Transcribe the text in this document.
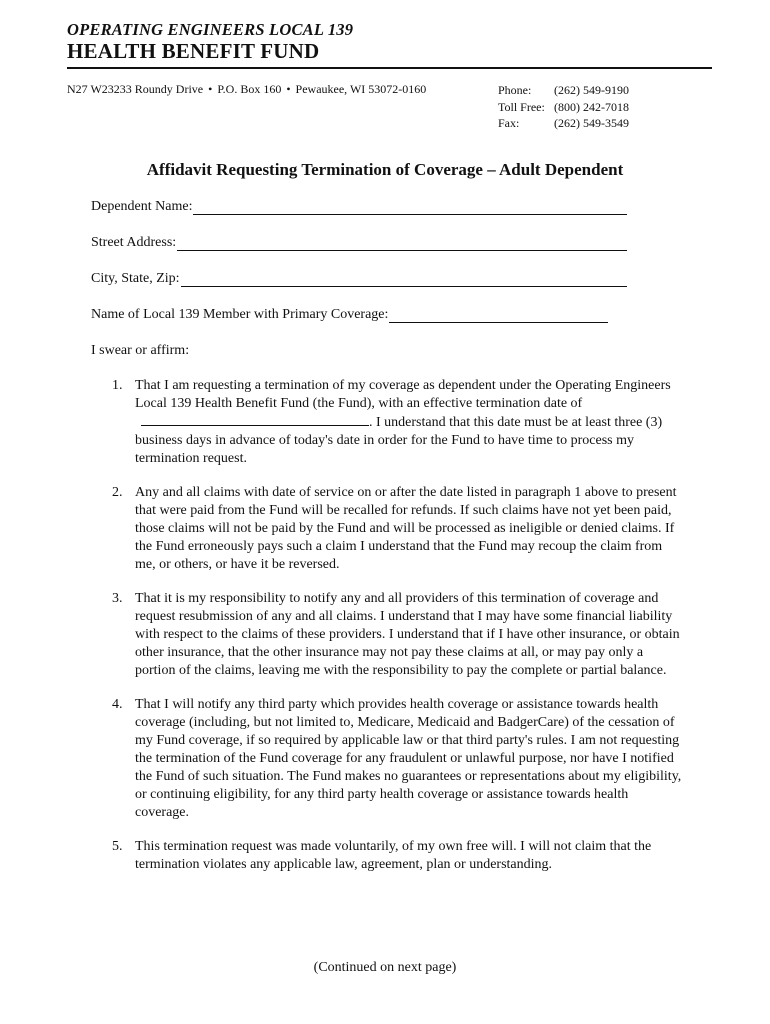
OPERATING ENGINEERS LOCAL 139
HEALTH BENEFIT FUND
N27 W23233 Roundy Drive • P.O. Box 160 • Pewaukee, WI 53072-0160	Phone:	(262) 549-9190
Toll Free: (800) 242-7018
Fax:	(262) 549-3549
Affidavit Requesting Termination of Coverage – Adult Dependent
Dependent Name:
Street Address:
City, State, Zip:
Name of Local 139 Member with Primary Coverage:
I swear or affirm:
1. That I am requesting a termination of my coverage as dependent under the Operating Engineers Local 139 Health Benefit Fund (the Fund), with an effective termination date of. I understand that this date must be at least three (3) business days in advance of today's date in order for the Fund to have time to process my termination request.
2. Any and all claims with date of service on or after the date listed in paragraph 1 above to present that were paid from the Fund will be recalled for refunds. If such claims have not yet been paid, those claims will not be paid by the Fund and will be processed as ineligible or denied claims. If the Fund erroneously pays such a claim I understand that the Fund may recoup the claim from me, or others, or have it be reversed.
3. That it is my responsibility to notify any and all providers of this termination of coverage and request resubmission of any and all claims. I understand that I may have some financial liability with respect to the claims of these providers. I understand that if I have other insurance, or obtain other insurance, that the other insurance may not pay these claims at all, or may pay only a portion of the claims, leaving me with the responsibility to pay the complete or partial balance.
4. That I will notify any third party which provides health coverage or assistance towards health coverage (including, but not limited to, Medicare, Medicaid and BadgerCare) of the cessation of my Fund coverage, if so required by applicable law or that third party's rules. I am not requesting the termination of the Fund coverage for any fraudulent or unlawful purpose, nor have I notified the Fund of such situation. The Fund makes no guarantees or representations about my eligibility, or continuing eligibility, for any third party health coverage or assistance towards health coverage.
5. This termination request was made voluntarily, of my own free will. I will not claim that the termination violates any applicable law, agreement, plan or understanding.
(Continued on next page)
